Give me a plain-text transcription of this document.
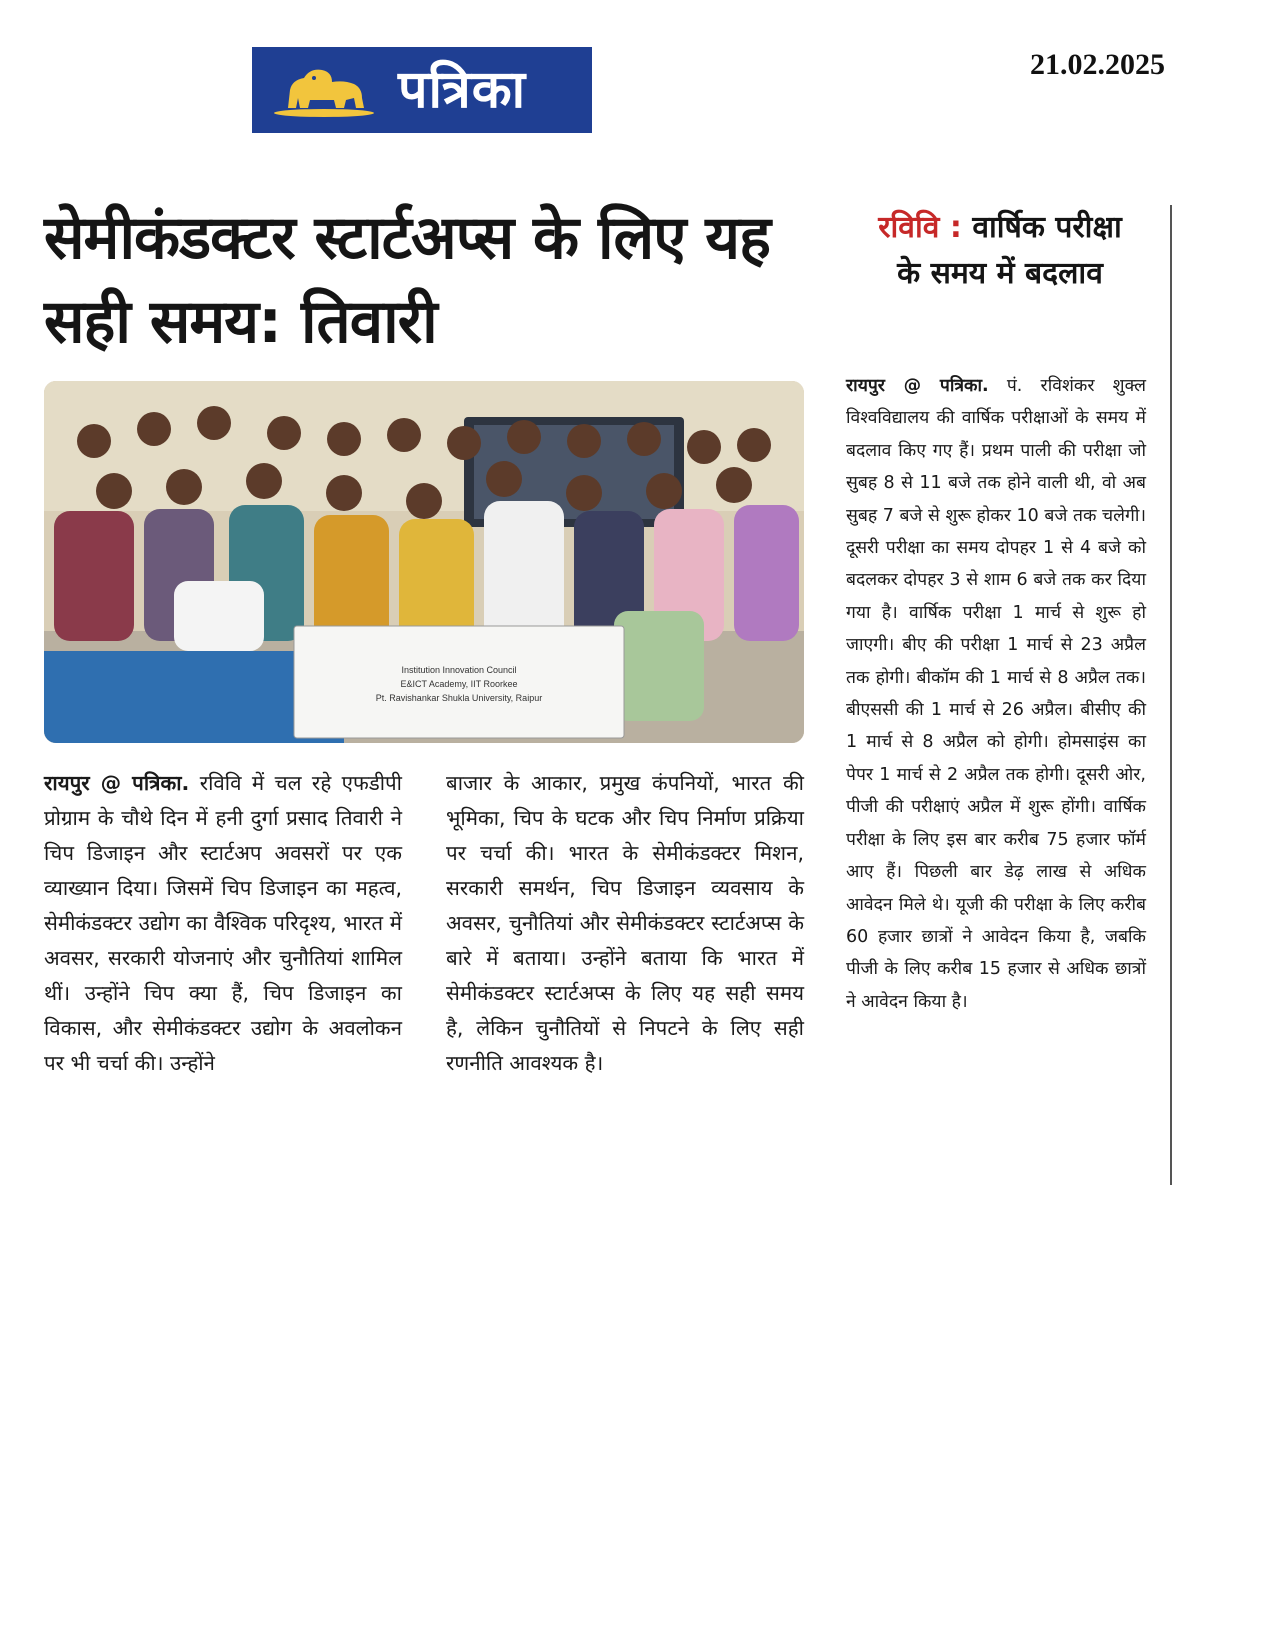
पत्रिका	21.02.2025
सेमीकंडक्टर स्टार्टअप्स के लिए यह सही समय: तिवारी
Institution Innovation Council
E&ICT Academy, IIT Roorkee
Pt. Ravishankar Shukla University, Raipur

रायपुर @ पत्रिका. रविवि में चल रहे एफडीपी प्रोग्राम के चौथे दिन में हनी दुर्गा प्रसाद तिवारी ने चिप डिजाइन और स्टार्टअप अवसरों पर एक व्याख्यान दिया। जिसमें चिप डिजाइन का महत्व, सेमीकंडक्टर उद्योग का वैश्विक परिदृश्य, भारत में अवसर, सरकारी योजनाएं और चुनौतियां शामिल थीं। उन्होंने चिप क्या हैं, चिप डिजाइन का विकास, और सेमीकंडक्टर उद्योग के अवलोकन पर भी चर्चा की। उन्होंने

बाजार के आकार, प्रमुख कंपनियों, भारत की भूमिका, चिप के घटक और चिप निर्माण प्रक्रिया पर चर्चा की। भारत के सेमीकंडक्टर मिशन, सरकारी समर्थन, चिप डिजाइन व्यवसाय के अवसर, चुनौतियां और सेमीकंडक्टर स्टार्टअप्स के बारे में बताया। उन्होंने बताया कि भारत में सेमीकंडक्टर स्टार्टअप्स के लिए यह सही समय है, लेकिन चुनौतियों से निपटने के लिए सही रणनीति आवश्यक है।

रविवि : वार्षिक परीक्षा के समय में बदलाव

रायपुर @ पत्रिका. पं. रविशंकर शुक्ल विश्वविद्यालय की वार्षिक परीक्षाओं के समय में बदलाव किए गए हैं। प्रथम पाली की परीक्षा जो सुबह 8 से 11 बजे तक होने वाली थी, वो अब सुबह 7 बजे से शुरू होकर 10 बजे तक चलेगी। दूसरी परीक्षा का समय दोपहर 1 से 4 बजे को बदलकर दोपहर 3 से शाम 6 बजे तक कर दिया गया है। वार्षिक परीक्षा 1 मार्च से शुरू हो जाएगी। बीए की परीक्षा 1 मार्च से 23 अप्रैल तक होगी। बीकॉम की 1 मार्च से 8 अप्रैल तक। बीएससी की 1 मार्च से 26 अप्रैल। बीसीए की 1 मार्च से 8 अप्रैल को होगी। होमसाइंस का पेपर 1 मार्च से 2 अप्रैल तक होगी। दूसरी ओर, पीजी की परीक्षाएं अप्रैल में शुरू होंगी। वार्षिक परीक्षा के लिए इस बार करीब 75 हजार फॉर्म आए हैं। पिछली बार डेढ़ लाख से अधिक आवेदन मिले थे। यूजी की परीक्षा के लिए करीब 60 हजार छात्रों ने आवेदन किया है, जबकि पीजी के लिए करीब 15 हजार से अधिक छात्रों ने आवेदन किया है।
